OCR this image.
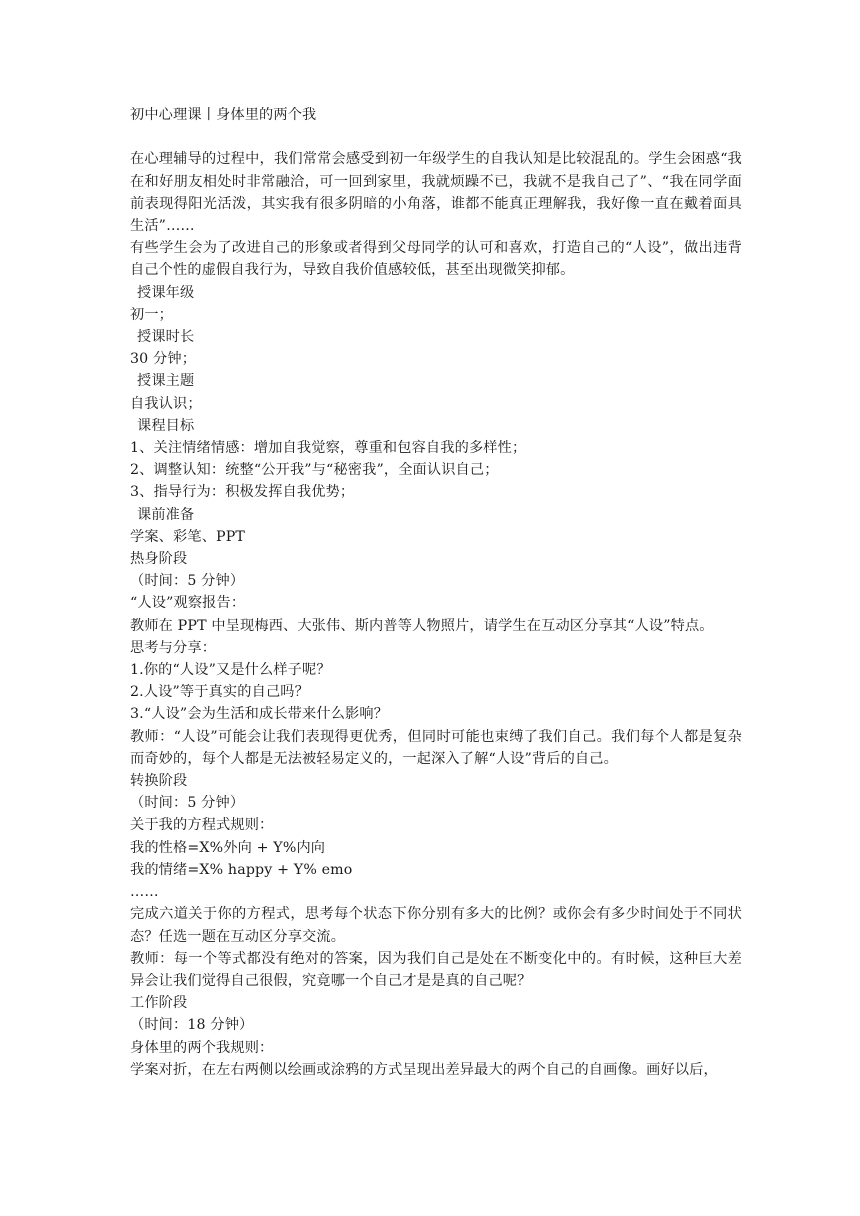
初中心理课丨身体里的两个我

在心理辅导的过程中，我们常常会感受到初一年级学生的自我认知是比较混乱的。学生会困惑“我在和好朋友相处时非常融洽，可一回到家里，我就烦躁不已，我就不是我自己了”、“我在同学面前表现得阳光活泼，其实我有很多阴暗的小角落，谁都不能真正理解我，我好像一直在戴着面具生活”……

有些学生会为了改进自己的形象或者得到父母同学的认可和喜欢，打造自己的“人设”，做出违背自己个性的虚假自我行为，导致自我价值感较低，甚至出现微笑抑郁。

授课年级

初一；

授课时长

30 分钟；

授课主题

自我认识；

课程目标

1、关注情绪情感：增加自我觉察，尊重和包容自我的多样性；

2、调整认知：统整“公开我”与“秘密我”，全面认识自己；

3、指导行为：积极发挥自我优势；

课前准备

学案、彩笔、PPT

热身阶段

（时间：5 分钟）

“人设”观察报告：

教师在 PPT 中呈现梅西、大张伟、斯内普等人物照片，请学生在互动区分享其“人设”特点。

思考与分享：

1.你的“人设”又是什么样子呢？

2.人设”等于真实的自己吗？

3.“人设”会为生活和成长带来什么影响？

教师：“人设”可能会让我们表现得更优秀，但同时可能也束缚了我们自己。我们每个人都是复杂而奇妙的，每个人都是无法被轻易定义的，一起深入了解“人设”背后的自己。

转换阶段

（时间：5 分钟）

关于我的方程式规则：

我的性格=X%外向 + Y%内向

我的情绪=X% happy + Y% emo

……

完成六道关于你的方程式，思考每个状态下你分别有多大的比例？或你会有多少时间处于不同状态？任选一题在互动区分享交流。

教师：每一个等式都没有绝对的答案，因为我们自己是处在不断变化中的。有时候，这种巨大差异会让我们觉得自己很假，究竟哪一个自己才是是真的自己呢？

工作阶段

（时间：18 分钟）

身体里的两个我规则：

学案对折，在左右两侧以绘画或涂鸦的方式呈现出差异最大的两个自己的自画像。画好以后，
